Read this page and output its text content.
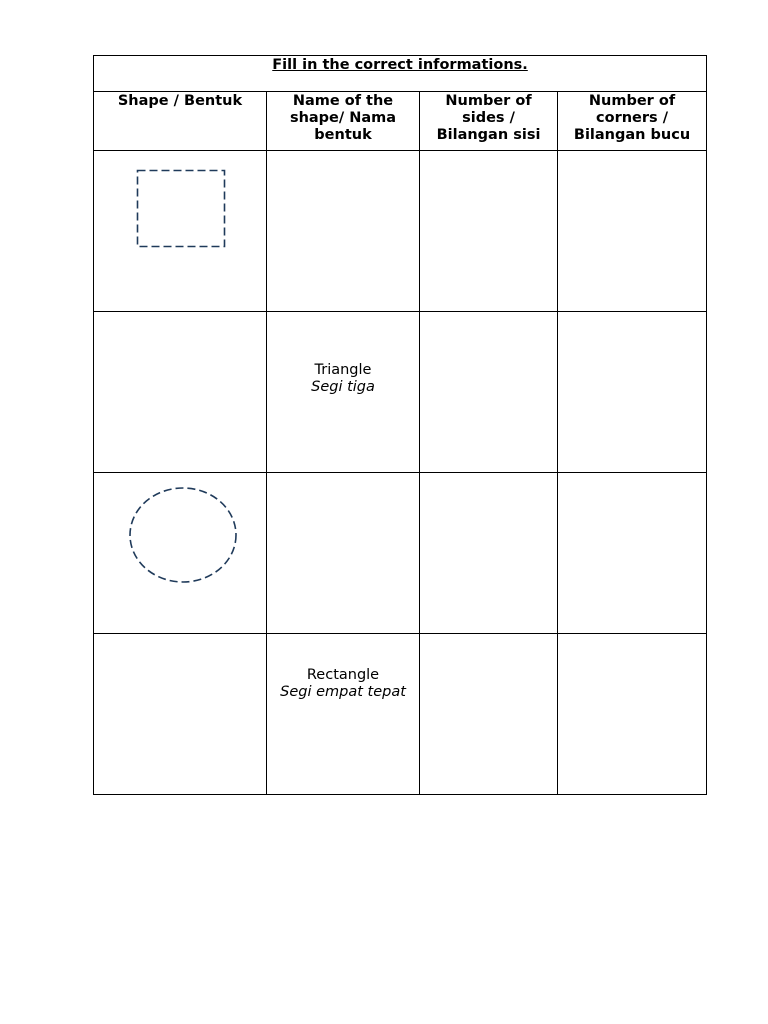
Fill in the correct informations.			

Shape / Bentuk	Name of the shape/ Nama bentuk	Number of sides / Bilangan sisi	Number of corners / Bilangan bucu

	Triangle
Segi tiga		

	Rectangle
Segi empat tepat		
